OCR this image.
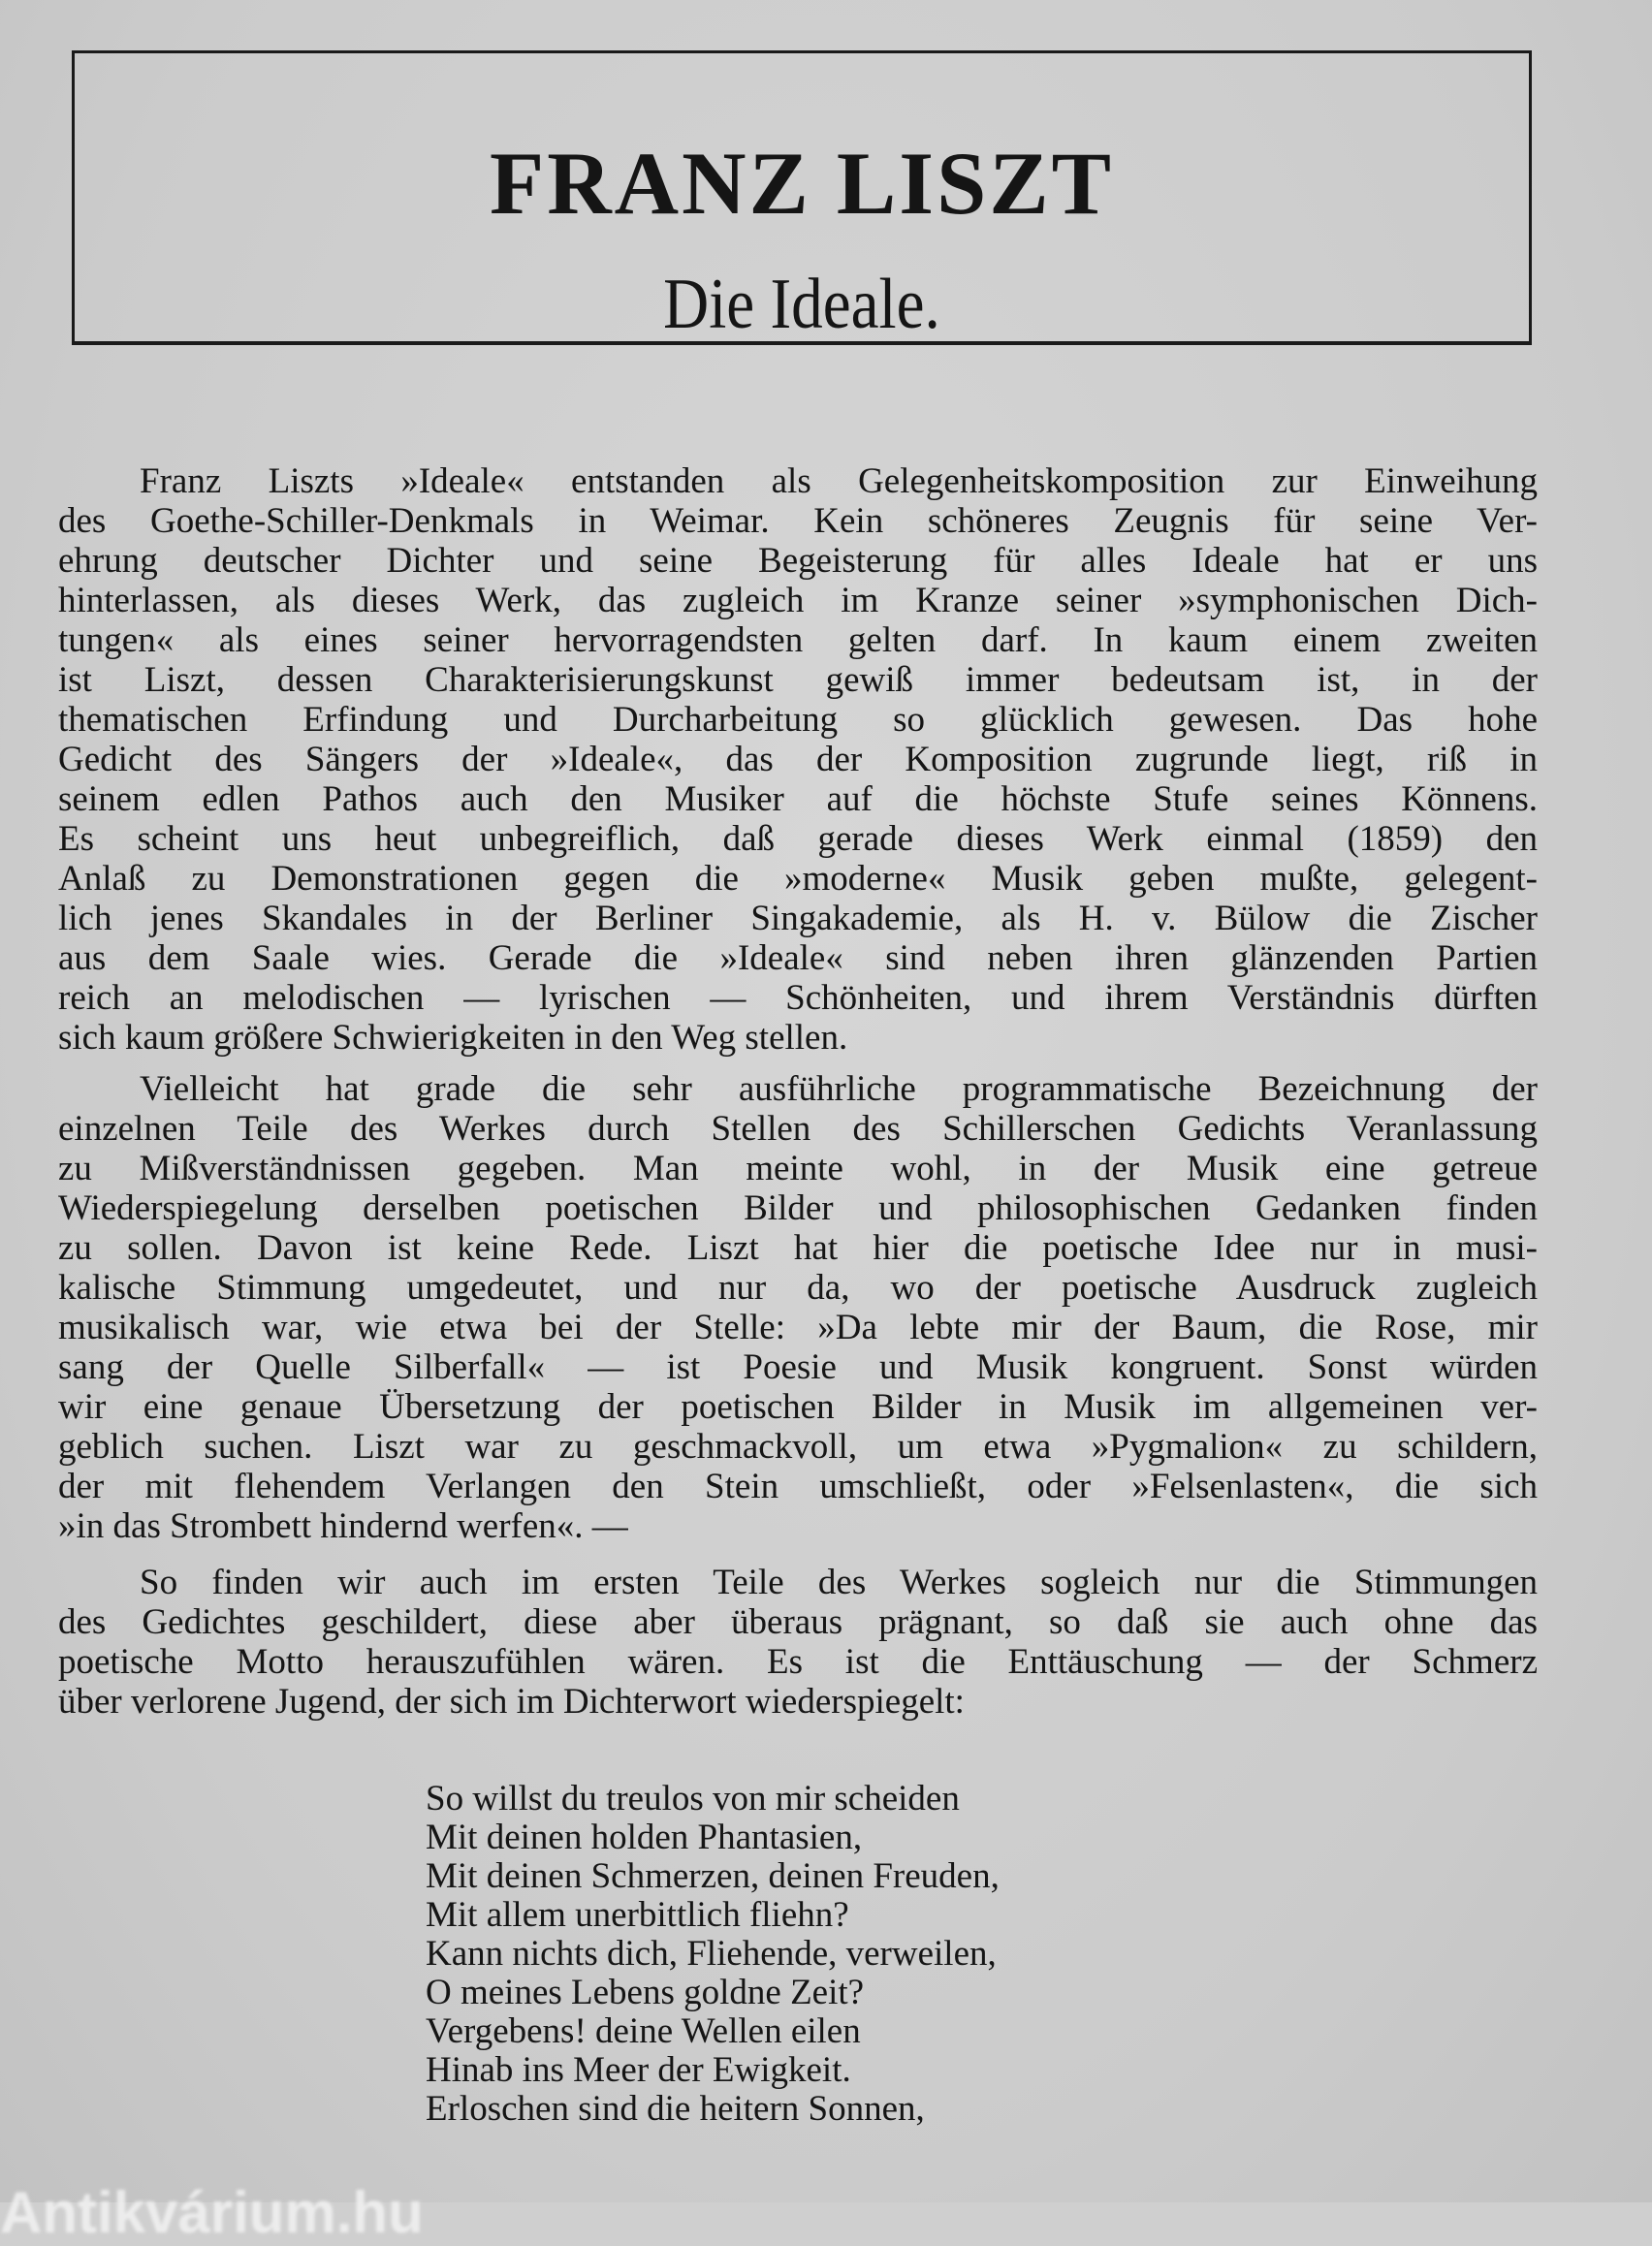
FRANZ LISZT
Die Ideale.
Franz Liszts »Ideale« entstanden als Gelegenheitskomposition zur Einweihung
des Goethe-Schiller-Denkmals in Weimar. Kein schöneres Zeugnis für seine Ver-
ehrung deutscher Dichter und seine Begeisterung für alles Ideale hat er uns
hinterlassen, als dieses Werk, das zugleich im Kranze seiner »symphonischen Dich-
tungen« als eines seiner hervorragendsten gelten darf. In kaum einem zweiten
ist Liszt, dessen Charakterisierungskunst gewiß immer bedeutsam ist, in der
thematischen Erfindung und Durcharbeitung so glücklich gewesen. Das hohe
Gedicht des Sängers der »Ideale«, das der Komposition zugrunde liegt, riß in
seinem edlen Pathos auch den Musiker auf die höchste Stufe seines Könnens.
Es scheint uns heut unbegreiflich, daß gerade dieses Werk einmal (1859) den
Anlaß zu Demonstrationen gegen die »moderne« Musik geben mußte, gelegent-
lich jenes Skandales in der Berliner Singakademie, als H. v. Bülow die Zischer
aus dem Saale wies. Gerade die »Ideale« sind neben ihren glänzenden Partien
reich an melodischen — lyrischen — Schönheiten, und ihrem Verständnis dürften
sich kaum größere Schwierigkeiten in den Weg stellen.
Vielleicht hat grade die sehr ausführliche programmatische Bezeichnung der
einzelnen Teile des Werkes durch Stellen des Schillerschen Gedichts Veranlassung
zu Mißverständnissen gegeben. Man meinte wohl, in der Musik eine getreue
Wiederspiegelung derselben poetischen Bilder und philosophischen Gedanken finden
zu sollen. Davon ist keine Rede. Liszt hat hier die poetische Idee nur in musi-
kalische Stimmung umgedeutet, und nur da, wo der poetische Ausdruck zugleich
musikalisch war, wie etwa bei der Stelle: »Da lebte mir der Baum, die Rose, mir
sang der Quelle Silberfall« — ist Poesie und Musik kongruent. Sonst würden
wir eine genaue Übersetzung der poetischen Bilder in Musik im allgemeinen ver-
geblich suchen. Liszt war zu geschmackvoll, um etwa »Pygmalion« zu schildern,
der mit flehendem Verlangen den Stein umschließt, oder »Felsenlasten«, die sich
»in das Strombett hindernd werfen«. —
So finden wir auch im ersten Teile des Werkes sogleich nur die Stimmungen
des Gedichtes geschildert, diese aber überaus prägnant, so daß sie auch ohne das
poetische Motto herauszufühlen wären. Es ist die Enttäuschung — der Schmerz
über verlorene Jugend, der sich im Dichterwort wiederspiegelt:
So willst du treulos von mir scheiden
Mit deinen holden Phantasien,
Mit deinen Schmerzen, deinen Freuden,
Mit allem unerbittlich fliehn?
Kann nichts dich, Fliehende, verweilen,
O meines Lebens goldne Zeit?
Vergebens! deine Wellen eilen
Hinab ins Meer der Ewigkeit.
Erloschen sind die heitern Sonnen,
Antikvárium.hu
